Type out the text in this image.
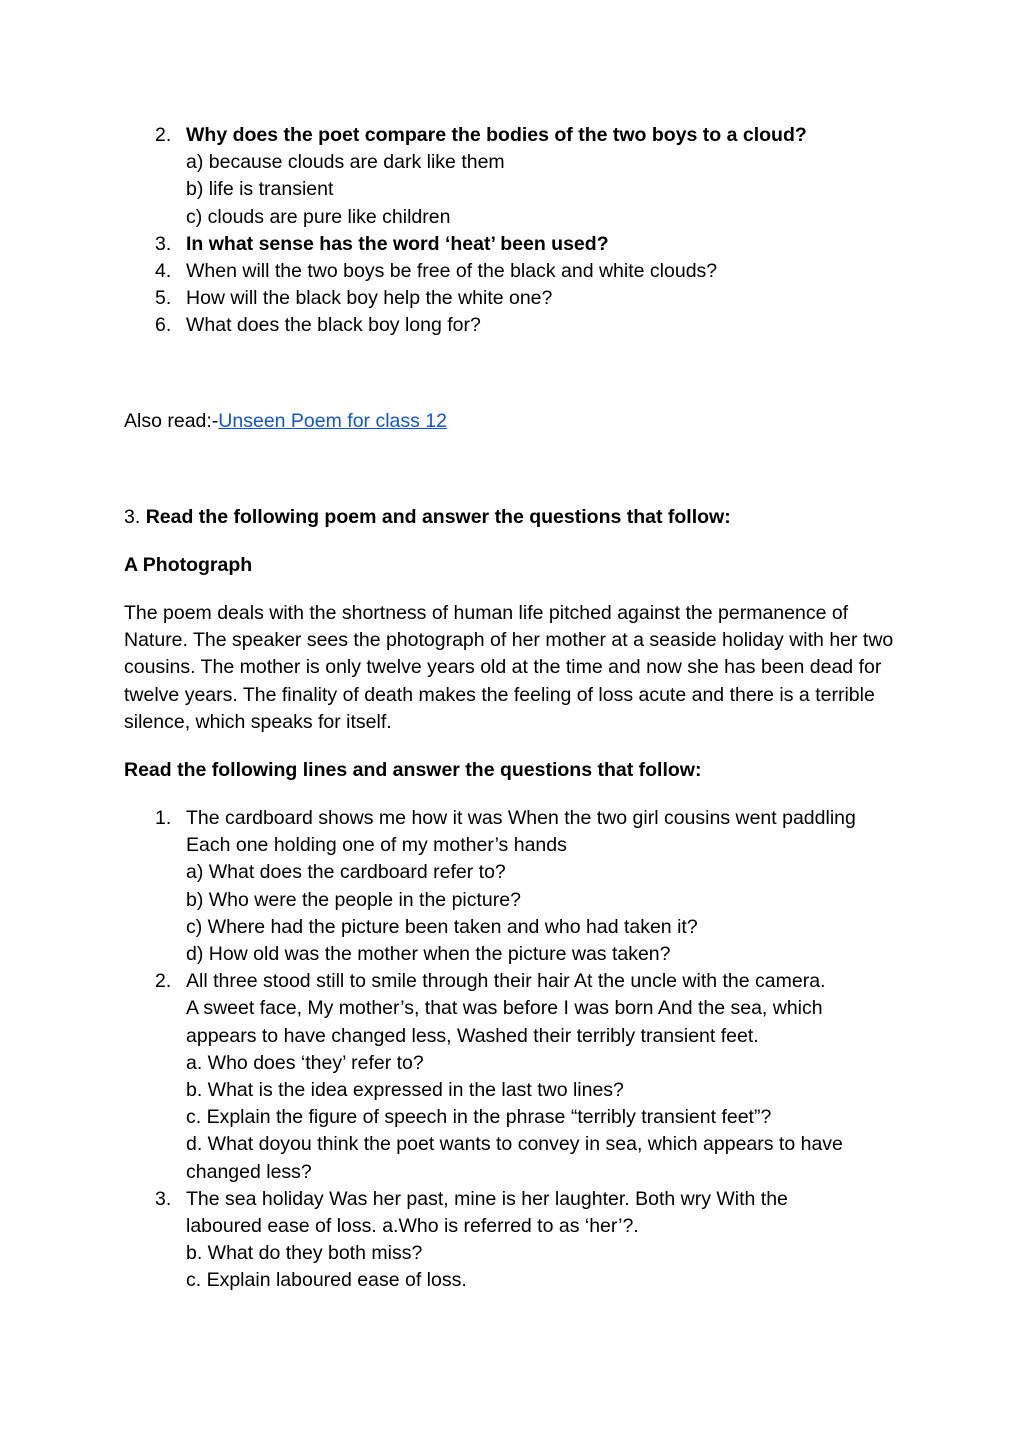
2. Why does the poet compare the bodies of the two boys to a cloud?
a) because clouds are dark like them
b) life is transient
c) clouds are pure like children
3. In what sense has the word ‘heat’ been used?
4. When will the two boys be free of the black and white clouds?
5. How will the black boy help the white one?
6. What does the black boy long for?

Also read:-Unseen Poem for class 12

3. Read the following poem and answer the questions that follow:

A Photograph

The poem deals with the shortness of human life pitched against the permanence of Nature. The speaker sees the photograph of her mother at a seaside holiday with her two cousins. The mother is only twelve years old at the time and now she has been dead for twelve years. The finality of death makes the feeling of loss acute and there is a terrible silence, which speaks for itself.

Read the following lines and answer the questions that follow:

1. The cardboard shows me how it was When the two girl cousins went paddling
Each one holding one of my mother’s hands
a) What does the cardboard refer to?
b) Who were the people in the picture?
c) Where had the picture been taken and who had taken it?
d) How old was the mother when the picture was taken?
2. All three stood still to smile through their hair At the uncle with the camera.
A sweet face, My mother’s, that was before I was born And the sea, which
appears to have changed less, Washed their terribly transient feet.
a. Who does ‘they’ refer to?
b. What is the idea expressed in the last two lines?
c. Explain the figure of speech in the phrase “terribly transient feet”?
d. What doyou think the poet wants to convey in sea, which appears to have
changed less?
3. The sea holiday Was her past, mine is her laughter. Both wry With the
laboured ease of loss. a.Who is referred to as ‘her’?.
b. What do they both miss?
c. Explain laboured ease of loss.
